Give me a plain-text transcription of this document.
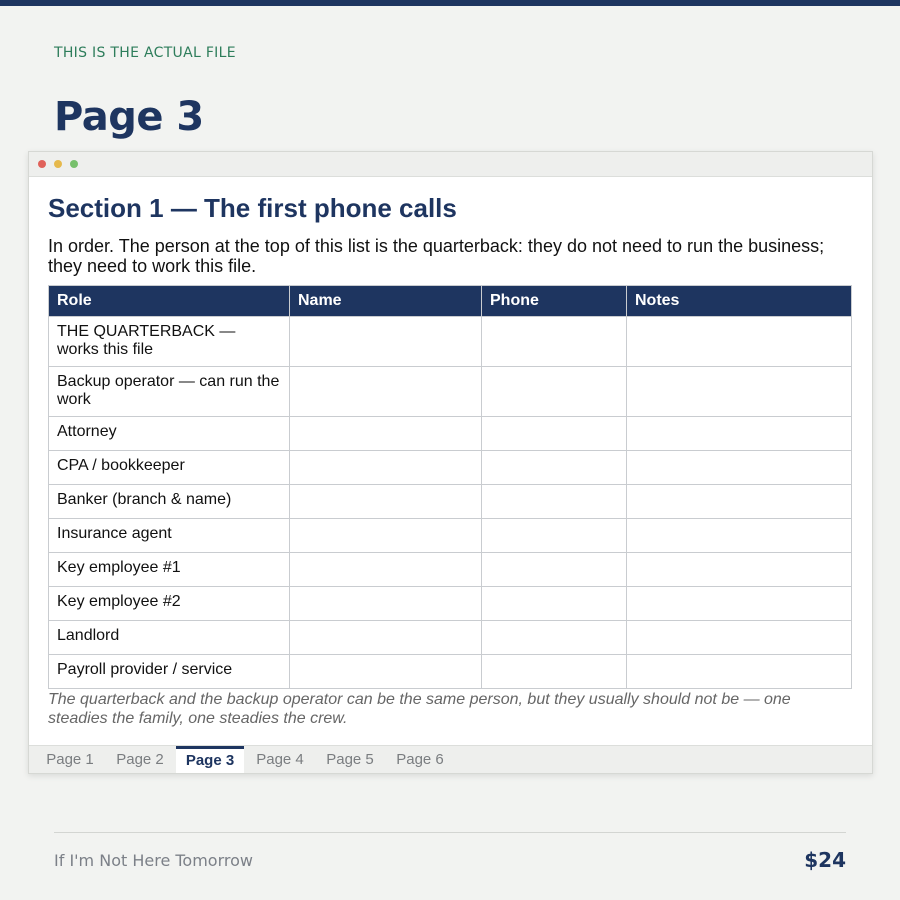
THIS IS THE ACTUAL FILE
Page 3
Section 1 — The first phone calls

In order. The person at the top of this list is the quarterback: they do not need to run the business; they need to work this file.

Role	Name	Phone	Notes
THE QUARTERBACK — works this file			
Backup operator — can run the work			
Attorney			
CPA / bookkeeper			
Banker (branch & name)			
Insurance agent			
Key employee #1			
Key employee #2			
Landlord			
Payroll provider / service			

The quarterback and the backup operator can be the same person, but they usually should not be — one steadies the family, one steadies the crew.

Page 1	Page 2	Page 3	Page 4	Page 5	Page 6
If I'm Not Here Tomorrow	$24
